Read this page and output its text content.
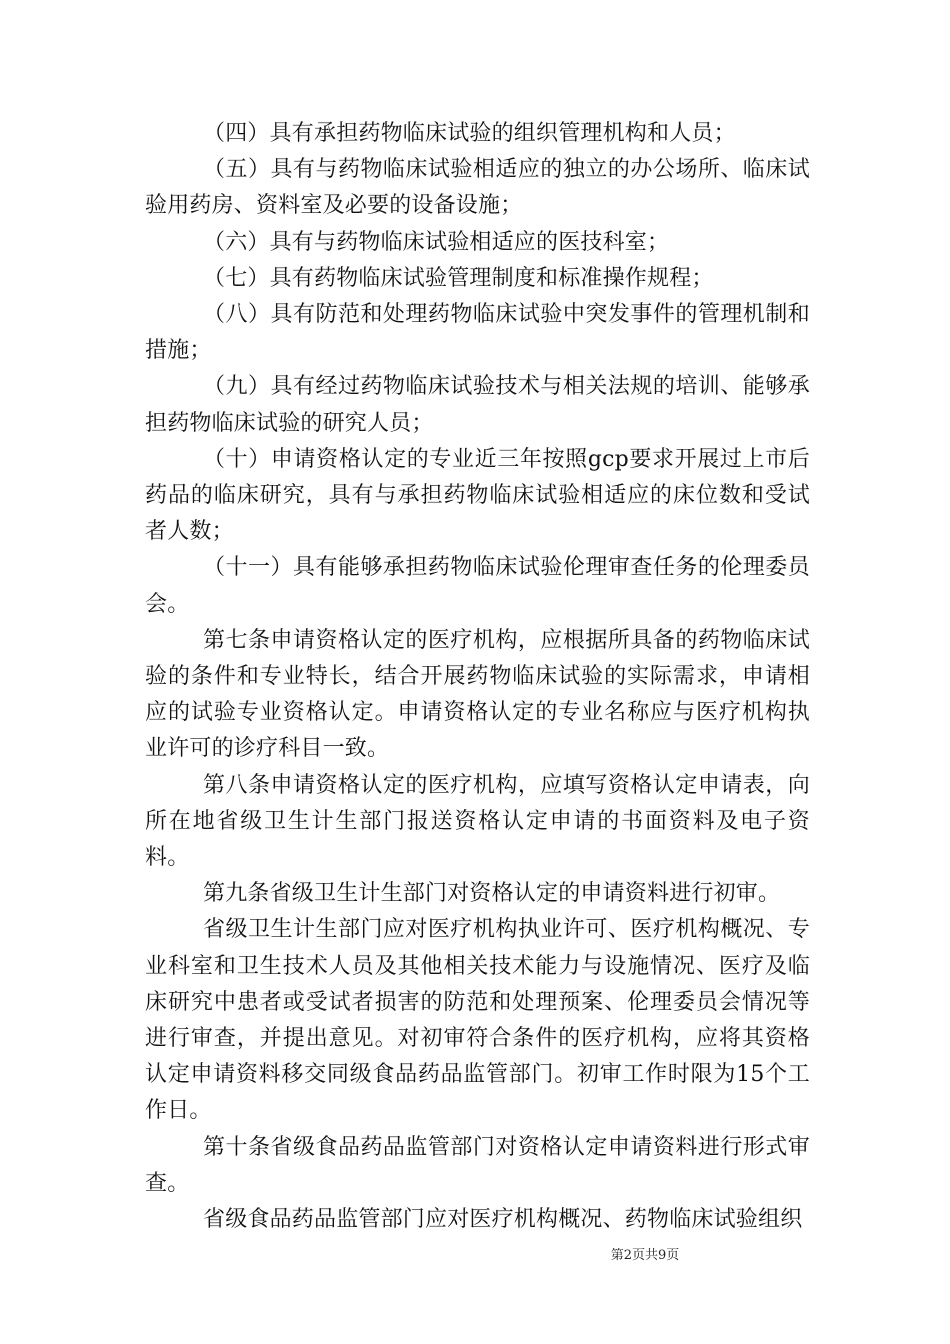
（四）具有承担药物临床试验的组织管理机构和人员；

（五）具有与药物临床试验相适应的独立的办公场所、临床试验用药房、资料室及必要的设备设施；

（六）具有与药物临床试验相适应的医技科室；

（七）具有药物临床试验管理制度和标准操作规程；

（八）具有防范和处理药物临床试验中突发事件的管理机制和措施；

（九）具有经过药物临床试验技术与相关法规的培训、能够承担药物临床试验的研究人员；

（十）申请资格认定的专业近三年按照gcp要求开展过上市后药品的临床研究，具有与承担药物临床试验相适应的床位数和受试者人数；

（十一）具有能够承担药物临床试验伦理审查任务的伦理委员会。

第七条申请资格认定的医疗机构，应根据所具备的药物临床试验的条件和专业特长，结合开展药物临床试验的实际需求，申请相应的试验专业资格认定。申请资格认定的专业名称应与医疗机构执业许可的诊疗科目一致。

第八条申请资格认定的医疗机构，应填写资格认定申请表，向所在地省级卫生计生部门报送资格认定申请的书面资料及电子资料。

第九条省级卫生计生部门对资格认定的申请资料进行初审。

省级卫生计生部门应对医疗机构执业许可、医疗机构概况、专业科室和卫生技术人员及其他相关技术能力与设施情况、医疗及临床研究中患者或受试者损害的防范和处理预案、伦理委员会情况等进行审查，并提出意见。对初审符合条件的医疗机构，应将其资格认定申请资料移交同级食品药品监管部门。初审工作时限为15个工作日。

第十条省级食品药品监管部门对资格认定申请资料进行形式审查。

省级食品药品监管部门应对医疗机构概况、药物临床试验组织

第2页共9页
